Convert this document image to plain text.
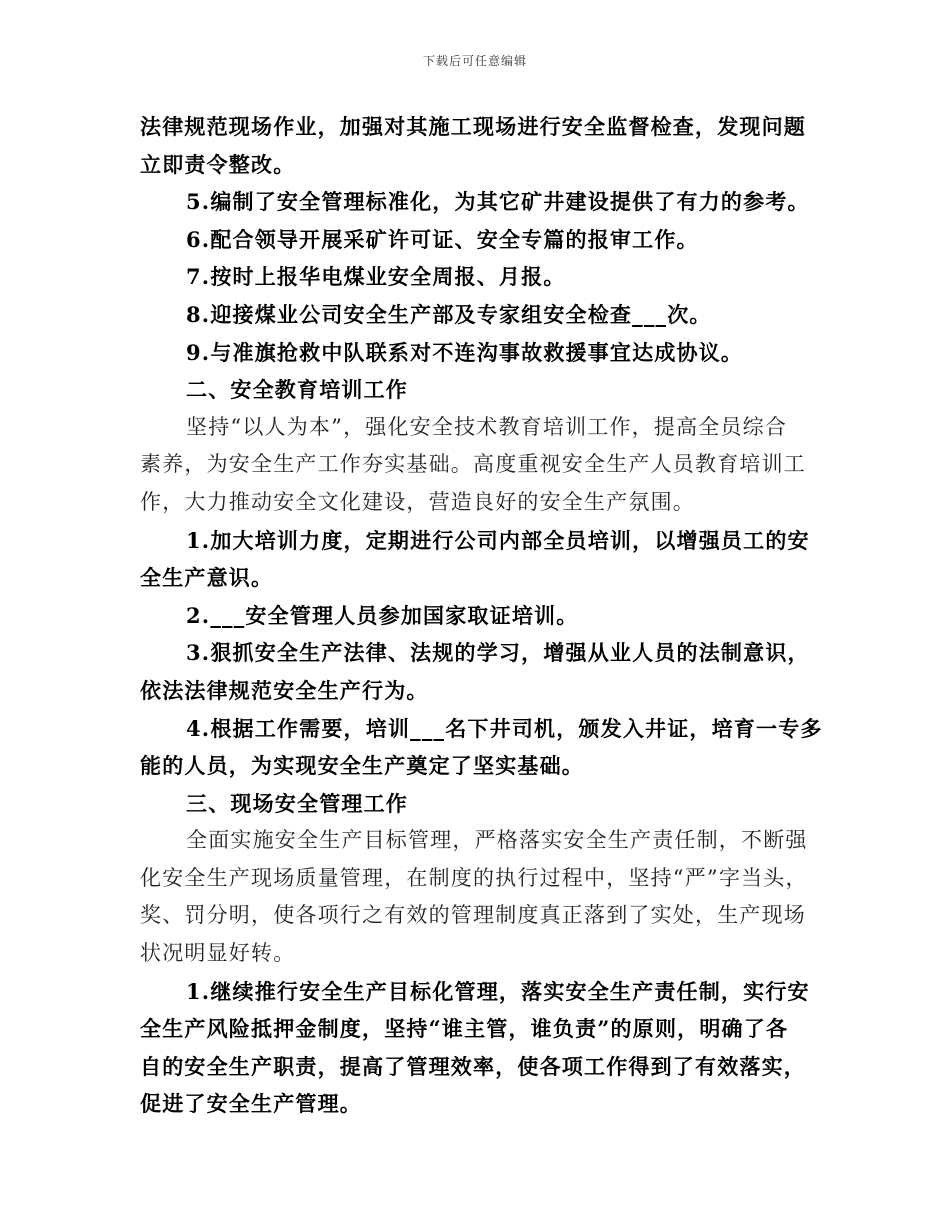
下载后可任意编辑
法律规范现场作业，加强对其施工现场进行安全监督检查，发现问题
立即责令整改。
5.编制了安全管理标准化，为其它矿井建设提供了有力的参考。
6.配合领导开展采矿许可证、安全专篇的报审工作。
7.按时上报华电煤业安全周报、月报。
8.迎接煤业公司安全生产部及专家组安全检查___次。
9.与准旗抢救中队联系对不连沟事故救援事宜达成协议。
二、安全教育培训工作
坚持“以人为本”，强化安全技术教育培训工作，提高全员综合
素养，为安全生产工作夯实基础。高度重视安全生产人员教育培训工
作，大力推动安全文化建设，营造良好的安全生产氛围。
1.加大培训力度，定期进行公司内部全员培训，以增强员工的安
全生产意识。
2.___安全管理人员参加国家取证培训。
3.狠抓安全生产法律、法规的学习，增强从业人员的法制意识，
依法法律规范安全生产行为。
4.根据工作需要，培训___名下井司机，颁发入井证，培育一专多
能的人员，为实现安全生产奠定了坚实基础。
三、现场安全管理工作
全面实施安全生产目标管理，严格落实安全生产责任制，不断强
化安全生产现场质量管理，在制度的执行过程中，坚持“严”字当头，
奖、罚分明，使各项行之有效的管理制度真正落到了实处，生产现场
状况明显好转。
1.继续推行安全生产目标化管理，落实安全生产责任制，实行安
全生产风险抵押金制度，坚持“谁主管，谁负责”的原则，明确了各
自的安全生产职责，提高了管理效率，使各项工作得到了有效落实，
促进了安全生产管理。
